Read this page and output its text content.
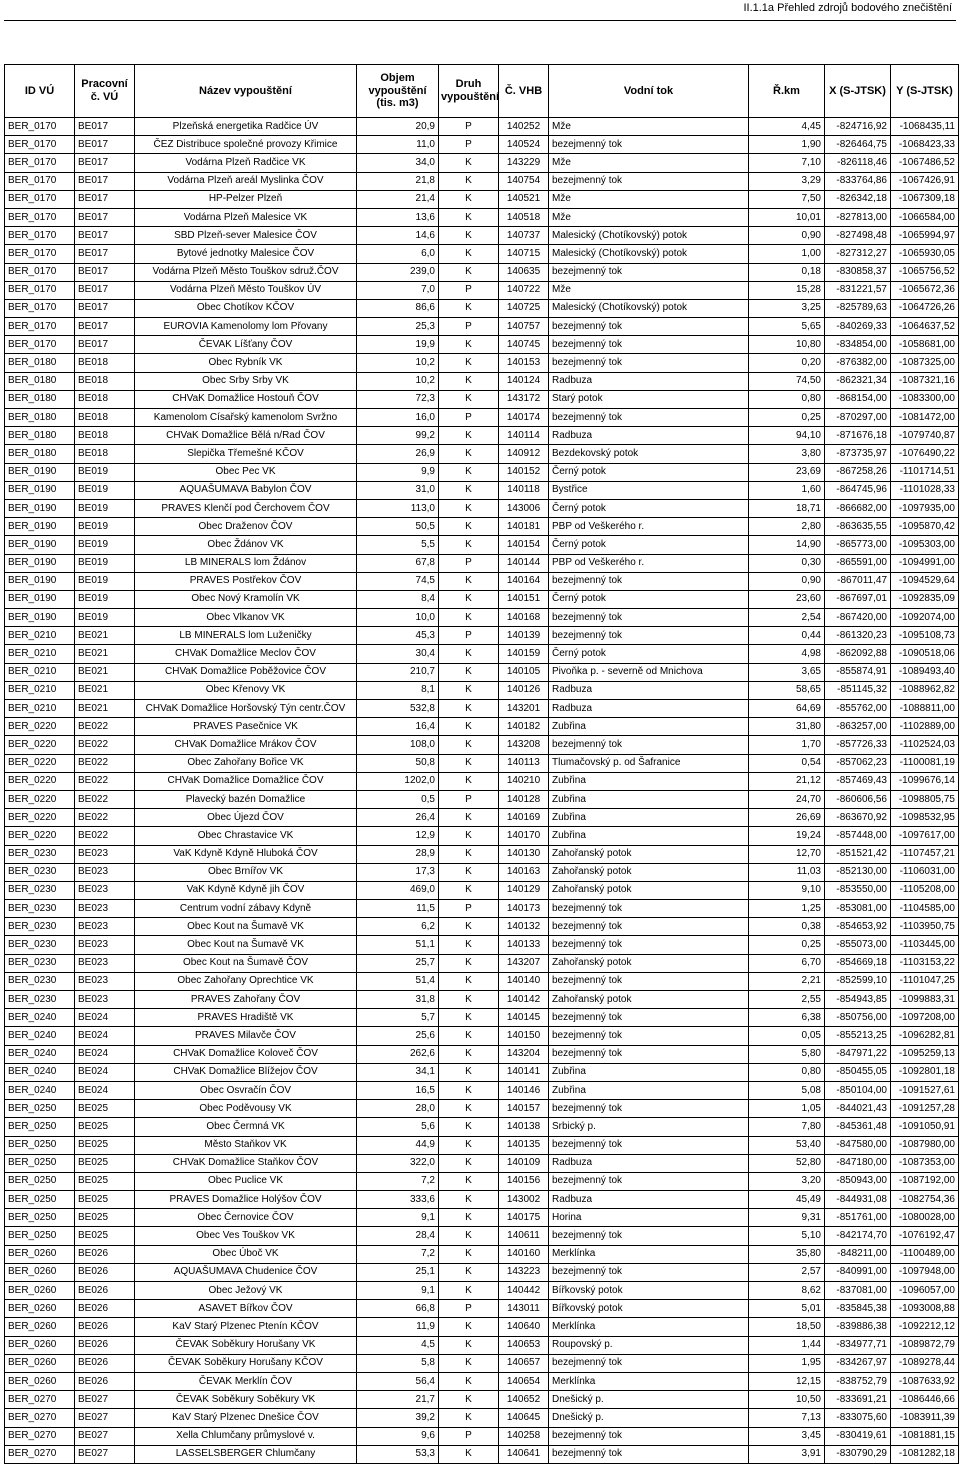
II.1.1a Přehled zdrojů bodového znečištění
ID VÚ	Pracovní č. VÚ	Název vypouštění	Objem vypouštění (tis. m3)	Druh vypouštění	Č. VHB	Vodní tok	Ř.km	X (S-JTSK)	Y (S-JTSK)
BER_0170	BE017	Plzeňská energetika Radčice ÚV	20,9	P	140252	Mže	4,45	-824716,92	-1068435,11
BER_0170	BE017	ČEZ Distribuce společné provozy Křimice	11,0	P	140524	bezejmenný tok	1,90	-826464,75	-1068423,33
BER_0170	BE017	Vodárna Plzeň Radčice VK	34,0	K	143229	Mže	7,10	-826118,46	-1067486,52
BER_0170	BE017	Vodárna Plzeň areál Myslinka ČOV	21,8	K	140754	bezejmenný tok	3,29	-833764,86	-1067426,91
BER_0170	BE017	HP-Pelzer Plzeň	21,4	K	140521	Mže	7,50	-826342,18	-1067309,18
BER_0170	BE017	Vodárna Plzeň Malesice VK	13,6	K	140518	Mže	10,01	-827813,00	-1066584,00
BER_0170	BE017	SBD Plzeň-sever Malesice ČOV	14,6	K	140737	Malesický (Chotíkovský) potok	0,90	-827498,48	-1065994,97
BER_0170	BE017	Bytové jednotky Malesice ČOV	6,0	K	140715	Malesický (Chotíkovský) potok	1,00	-827312,27	-1065930,05
BER_0170	BE017	Vodárna Plzeň Město Touškov sdruž.ČOV	239,0	K	140635	bezejmenný tok	0,18	-830858,37	-1065756,52
BER_0170	BE017	Vodárna Plzeň Město Touškov ÚV	7,0	P	140722	Mže	15,28	-831221,57	-1065672,36
BER_0170	BE017	Obec Chotíkov KČOV	86,6	K	140725	Malesický (Chotíkovský) potok	3,25	-825789,63	-1064726,26
BER_0170	BE017	EUROVIA Kamenolomy lom Přovany	25,3	P	140757	bezejmenný tok	5,65	-840269,33	-1064637,52
BER_0170	BE017	ČEVAK Líšťany ČOV	19,9	K	140745	bezejmenný tok	10,80	-834854,00	-1058681,00
BER_0180	BE018	Obec Rybník VK	10,2	K	140153	bezejmenný tok	0,20	-876382,00	-1087325,00
BER_0180	BE018	Obec Srby Srby VK	10,2	K	140124	Radbuza	74,50	-862321,34	-1087321,16
BER_0180	BE018	CHVaK Domažlice Hostouň ČOV	72,3	K	143172	Starý potok	0,80	-868154,00	-1083300,00
BER_0180	BE018	Kamenolom Císařský kamenolom Svržno	16,0	P	140174	bezejmenný tok	0,25	-870297,00	-1081472,00
BER_0180	BE018	CHVaK Domažlice Bělá n/Rad ČOV	99,2	K	140114	Radbuza	94,10	-871676,18	-1079740,87
BER_0180	BE018	Slepička Třemešné KČOV	26,9	K	140912	Bezdekovský potok	3,80	-873735,97	-1076490,22
BER_0190	BE019	Obec Pec VK	9,9	K	140152	Černý potok	23,69	-867258,26	-1101714,51
BER_0190	BE019	AQUAŠUMAVA Babylon ČOV	31,0	K	140118	Bystřice	1,60	-864745,96	-1101028,33
BER_0190	BE019	PRAVES Klenčí pod Čerchovem ČOV	113,0	K	143006	Černý potok	18,71	-866682,00	-1097935,00
BER_0190	BE019	Obec Draženov ČOV	50,5	K	140181	PBP od Veškerého r.	2,80	-863635,55	-1095870,42
BER_0190	BE019	Obec Ždánov VK	5,5	K	140154	Černý potok	14,90	-865773,00	-1095303,00
BER_0190	BE019	LB MINERALS lom Ždánov	67,8	P	140144	PBP od Veškerého r.	0,30	-865591,00	-1094991,00
BER_0190	BE019	PRAVES Postřekov ČOV	74,5	K	140164	bezejmenný tok	0,90	-867011,47	-1094529,64
BER_0190	BE019	Obec Nový Kramolín VK	8,4	K	140151	Černý potok	23,60	-867697,01	-1092835,09
BER_0190	BE019	Obec Vlkanov VK	10,0	K	140168	bezejmenný tok	2,54	-867420,00	-1092074,00
BER_0210	BE021	LB MINERALS lom Luženičky	45,3	P	140139	bezejmenný tok	0,44	-861320,23	-1095108,73
BER_0210	BE021	CHVaK Domažlice Meclov ČOV	30,4	K	140159	Černý potok	4,98	-862092,88	-1090518,06
BER_0210	BE021	CHVaK Domažlice Poběžovice ČOV	210,7	K	140105	Pivoňka p. - severně od Mnichova	3,65	-855874,91	-1089493,40
BER_0210	BE021	Obec Křenovy VK	8,1	K	140126	Radbuza	58,65	-851145,32	-1088962,82
BER_0210	BE021	CHVaK Domažlice Horšovský Týn centr.ČOV	532,8	K	143201	Radbuza	64,69	-855762,00	-1088811,00
BER_0220	BE022	PRAVES Pasečnice VK	16,4	K	140182	Zubřina	31,80	-863257,00	-1102889,00
BER_0220	BE022	CHVaK Domažlice Mrákov ČOV	108,0	K	143208	bezejmenný tok	1,70	-857726,33	-1102524,03
BER_0220	BE022	Obec Zahořany Bořice VK	50,8	K	140113	Tlumačovský p. od Šafranice	0,54	-857062,23	-1100081,19
BER_0220	BE022	CHVaK Domažlice Domažlice ČOV	1202,0	K	140210	Zubřina	21,12	-857469,43	-1099676,14
BER_0220	BE022	Plavecký bazén Domažlice	0,5	P	140128	Zubřina	24,70	-860606,56	-1098805,75
BER_0220	BE022	Obec Újezd ČOV	26,4	K	140169	Zubřina	26,69	-863670,92	-1098532,95
BER_0220	BE022	Obec Chrastavice VK	12,9	K	140170	Zubřina	19,24	-857448,00	-1097617,00
BER_0230	BE023	VaK Kdyně Kdyně Hluboká ČOV	28,9	K	140130	Zahořanský potok	12,70	-851521,42	-1107457,21
BER_0230	BE023	Obec Brnířov VK	17,3	K	140163	Zahořanský potok	11,03	-852130,00	-1106031,00
BER_0230	BE023	VaK Kdyně Kdyně jih ČOV	469,0	K	140129	Zahořanský potok	9,10	-853550,00	-1105208,00
BER_0230	BE023	Centrum vodní zábavy Kdyně	11,5	P	140173	bezejmenný tok	1,25	-853081,00	-1104585,00
BER_0230	BE023	Obec Kout na Šumavě VK	6,2	K	140132	bezejmenný tok	0,38	-854653,92	-1103950,75
BER_0230	BE023	Obec Kout na Šumavě VK	51,1	K	140133	bezejmenný tok	0,25	-855073,00	-1103445,00
BER_0230	BE023	Obec Kout na Šumavě ČOV	25,7	K	143207	Zahořanský potok	6,70	-854669,18	-1103153,22
BER_0230	BE023	Obec Zahořany Oprechtice VK	51,4	K	140140	bezejmenný tok	2,21	-852599,10	-1101047,25
BER_0230	BE023	PRAVES Zahořany ČOV	31,8	K	140142	Zahořanský potok	2,55	-854943,85	-1099883,31
BER_0240	BE024	PRAVES Hradiště VK	5,7	K	140145	bezejmenný tok	6,38	-850756,00	-1097208,00
BER_0240	BE024	PRAVES Milavče ČOV	25,6	K	140150	bezejmenný tok	0,05	-855213,25	-1096282,81
BER_0240	BE024	CHVaK Domažlice Koloveč ČOV	262,6	K	143204	bezejmenný tok	5,80	-847971,22	-1095259,13
BER_0240	BE024	CHVaK Domažlice Blížejov ČOV	34,1	K	140141	Zubřina	0,80	-850455,05	-1092801,18
BER_0240	BE024	Obec Osvračín ČOV	16,5	K	140146	Zubřina	5,08	-850104,00	-1091527,61
BER_0250	BE025	Obec Poděvousy VK	28,0	K	140157	bezejmenný tok	1,05	-844021,43	-1091257,28
BER_0250	BE025	Obec Čermná VK	5,6	K	140138	Srbický p.	7,80	-845361,48	-1091050,91
BER_0250	BE025	Město Staňkov VK	44,9	K	140135	bezejmenný tok	53,40	-847580,00	-1087980,00
BER_0250	BE025	CHVaK Domažlice Staňkov ČOV	322,0	K	140109	Radbuza	52,80	-847180,00	-1087353,00
BER_0250	BE025	Obec Puclice VK	7,2	K	140156	bezejmenný tok	3,20	-850943,00	-1087192,00
BER_0250	BE025	PRAVES Domažlice Holýšov ČOV	333,6	K	143002	Radbuza	45,49	-844931,08	-1082754,36
BER_0250	BE025	Obec Černovice ČOV	9,1	K	140175	Horina	9,31	-851761,00	-1080028,00
BER_0250	BE025	Obec Ves Touškov VK	28,4	K	140611	bezejmenný tok	5,10	-842174,70	-1076192,47
BER_0260	BE026	Obec Úboč VK	7,2	K	140160	Merklínka	35,80	-848211,00	-1100489,00
BER_0260	BE026	AQUAŠUMAVA Chudenice ČOV	25,1	K	143223	bezejmenný tok	2,57	-840991,00	-1097948,00
BER_0260	BE026	Obec Ježový VK	9,1	K	140442	Bířkovský potok	8,62	-837081,00	-1096057,00
BER_0260	BE026	ASAVET Bířkov ČOV	66,8	P	143011	Bířkovský potok	5,01	-835845,38	-1093008,88
BER_0260	BE026	KaV Starý Plzenec Ptenín KČOV	11,9	K	140640	Merklínka	18,50	-839886,38	-1092212,12
BER_0260	BE026	ČEVAK Soběkury Horušany VK	4,5	K	140653	Roupovský p.	1,44	-834977,71	-1089872,79
BER_0260	BE026	ČEVAK Soběkury Horušany KČOV	5,8	K	140657	bezejmenný tok	1,95	-834267,97	-1089278,44
BER_0260	BE026	ČEVAK Merklín ČOV	56,4	K	140654	Merklínka	12,15	-838752,79	-1087633,92
BER_0270	BE027	ČEVAK Soběkury Soběkury VK	21,7	K	140652	Dnešický p.	10,50	-833691,21	-1086446,66
BER_0270	BE027	KaV Starý Plzenec Dnešice ČOV	39,2	K	140645	Dnešický p.	7,13	-833075,60	-1083911,39
BER_0270	BE027	Xella Chlumčany průmyslové v.	9,6	P	140258	bezejmenný tok	3,45	-830419,61	-1081881,15
BER_0270	BE027	LASSELSBERGER Chlumčany	53,3	K	140641	bezejmenný tok	3,91	-830790,29	-1081282,18
